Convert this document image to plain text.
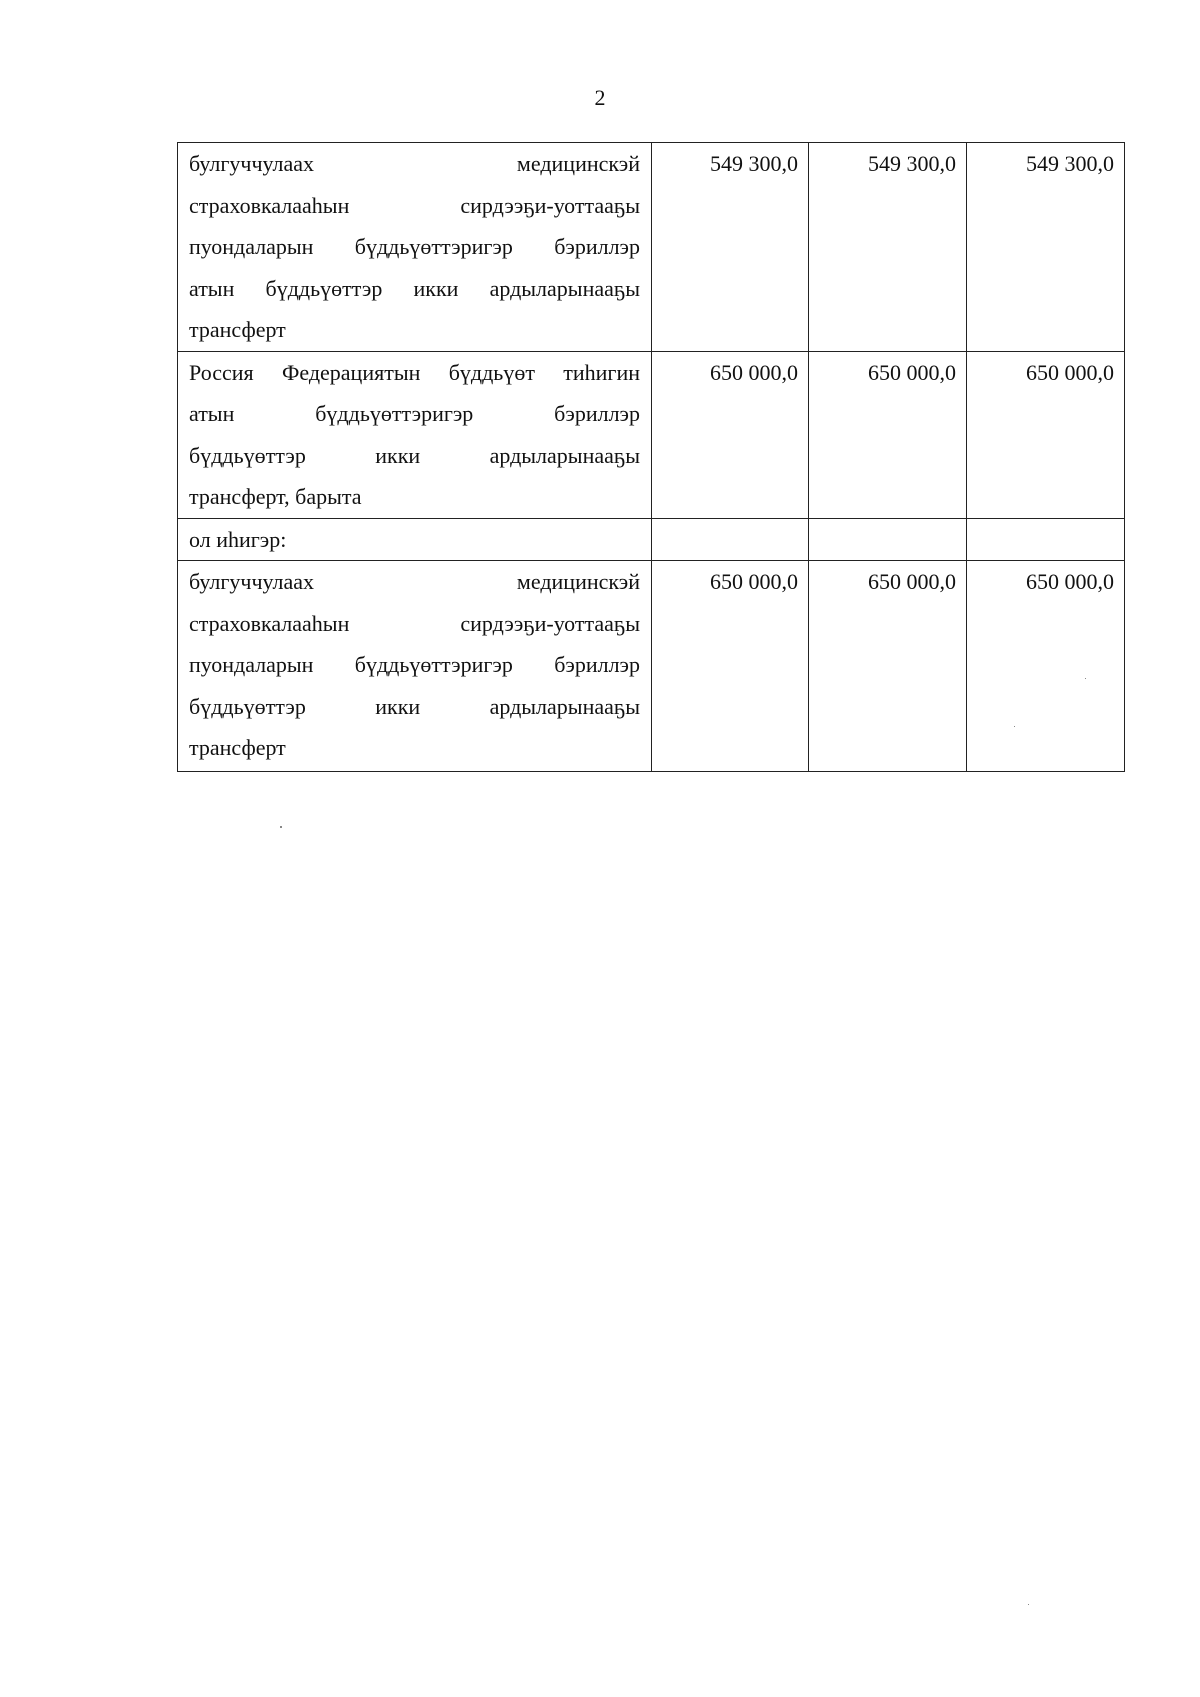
2
булгуччулаах медицинскэй
страховкалааһын сирдээҕи-уоттааҕы
пуондаларын бүддьүөттэригэр бэриллэр
атын бүддьүөттэр икки ардыларынааҕы
трансферт	549 300,0	549 300,0	549 300,0

Россия Федерациятын бүддьүөт тиһигин
атын бүддьүөттэригэр бэриллэр
бүддьүөттэр икки ардыларынааҕы
трансферт, барыта	650 000,0	650 000,0	650 000,0

ол иһигэр:			

булгуччулаах медицинскэй
страховкалааһын сирдээҕи-уоттааҕы
пуондаларын бүддьүөттэригэр бэриллэр
бүддьүөттэр икки ардыларынааҕы
трансферт	650 000,0	650 000,0	650 000,0
